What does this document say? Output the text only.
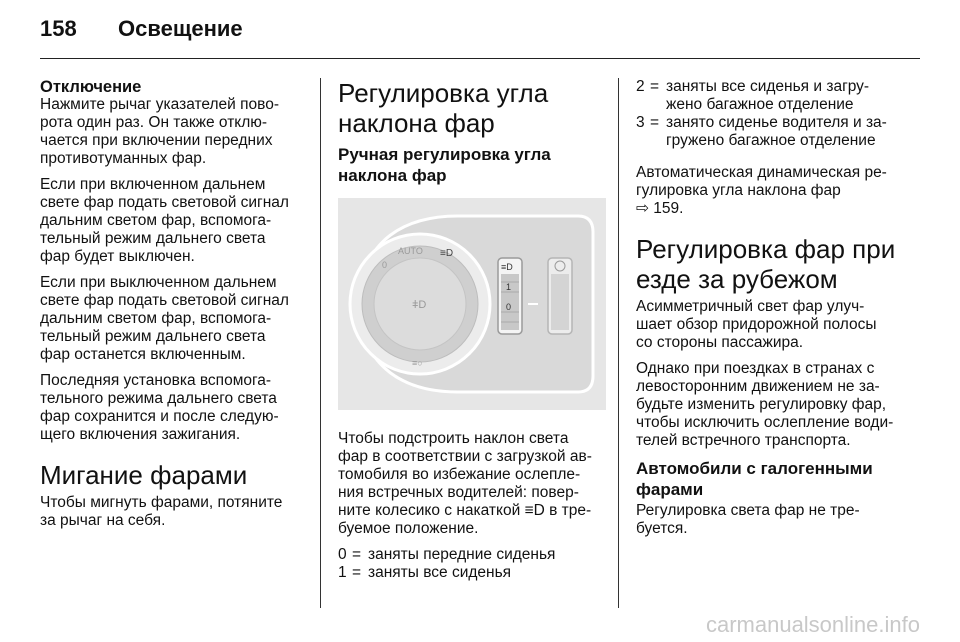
158 Освещение

Отключение

Нажмите рычаг указателей пово-
рота один раз. Он также отклю-
чается при включении передних
противотуманных фар.

Если при включенном дальнем
свете фар подать световой сигнал
дальним светом фар, вспомога-
тельный режим дальнего света
фар будет выключен.

Если при выключенном дальнем
свете фар подать световой сигнал
дальним светом фар, вспомога-
тельный режим дальнего света
фар останется включенным.

Последняя установка вспомога-
тельного режима дальнего света
фар сохранится и после следую-
щего включения зажигания.

Мигание фарами

Чтобы мигнуть фарами, потяните
за рычаг на себя.

Регулировка угла
наклона фар

Ручная регулировка угла
наклона фар

AUTO
0
≡D
ǂD
≡○
≡D
1
0

Чтобы подстроить наклон света
фар в соответствии с загрузкой ав-
томобиля во избежание ослепле-
ния встречных водителей: повер-
ните колесико с накаткой ≡D в тре-
буемое положение.

0 = заняты передние сиденья
1 = заняты все сиденья
2 = заняты все сиденья и загру-
жено багажное отделение
3 = занято сиденье водителя и за-
гружено багажное отделение

Автоматическая динамическая ре-
гулировка угла наклона фар
⇨ 159.

Регулировка фар при
езде за рубежом

Асимметричный свет фар улуч-
шает обзор придорожной полосы
со стороны пассажира.

Однако при поездках в странах с
левосторонним движением не за-
будьте изменить регулировку фар,
чтобы исключить ослепление води-
телей встречного транспорта.

Автомобили с галогенными
фарами

Регулировка света фар не тре-
буется.

carmanualsonline.info
